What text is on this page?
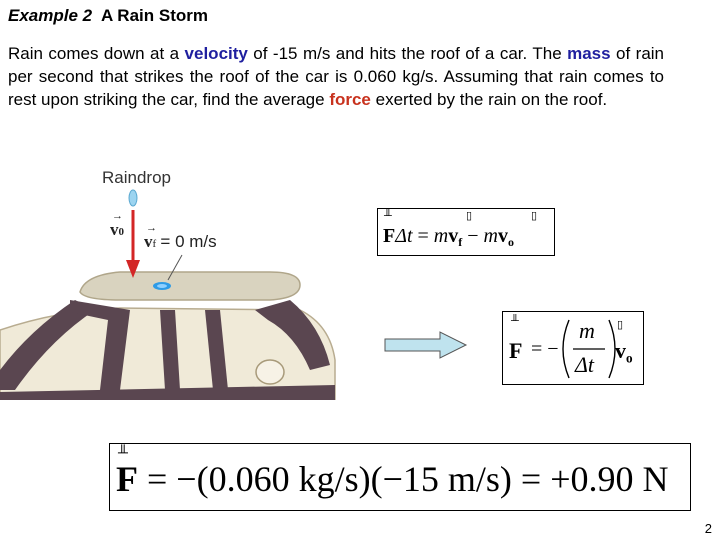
Example 2 A Rain Storm
Rain comes down at a velocity of -15 m/s and hits the roof of a car. The mass of rain per second that strikes the roof of the car is 0.060 kg/s. Assuming that rain comes to rest upon striking the car, find the average force exerted by the rain on the roof.
Raindrop
→
v0 →
vf = 0 m/s
╨	▯	▯
$F\Delta t = mv_f - mv_o$
╨	▯
F = −
m
Δt
$v_o$
╨
F = −(0.060 kg/s)(−15 m/s) = +0.90 N
2
